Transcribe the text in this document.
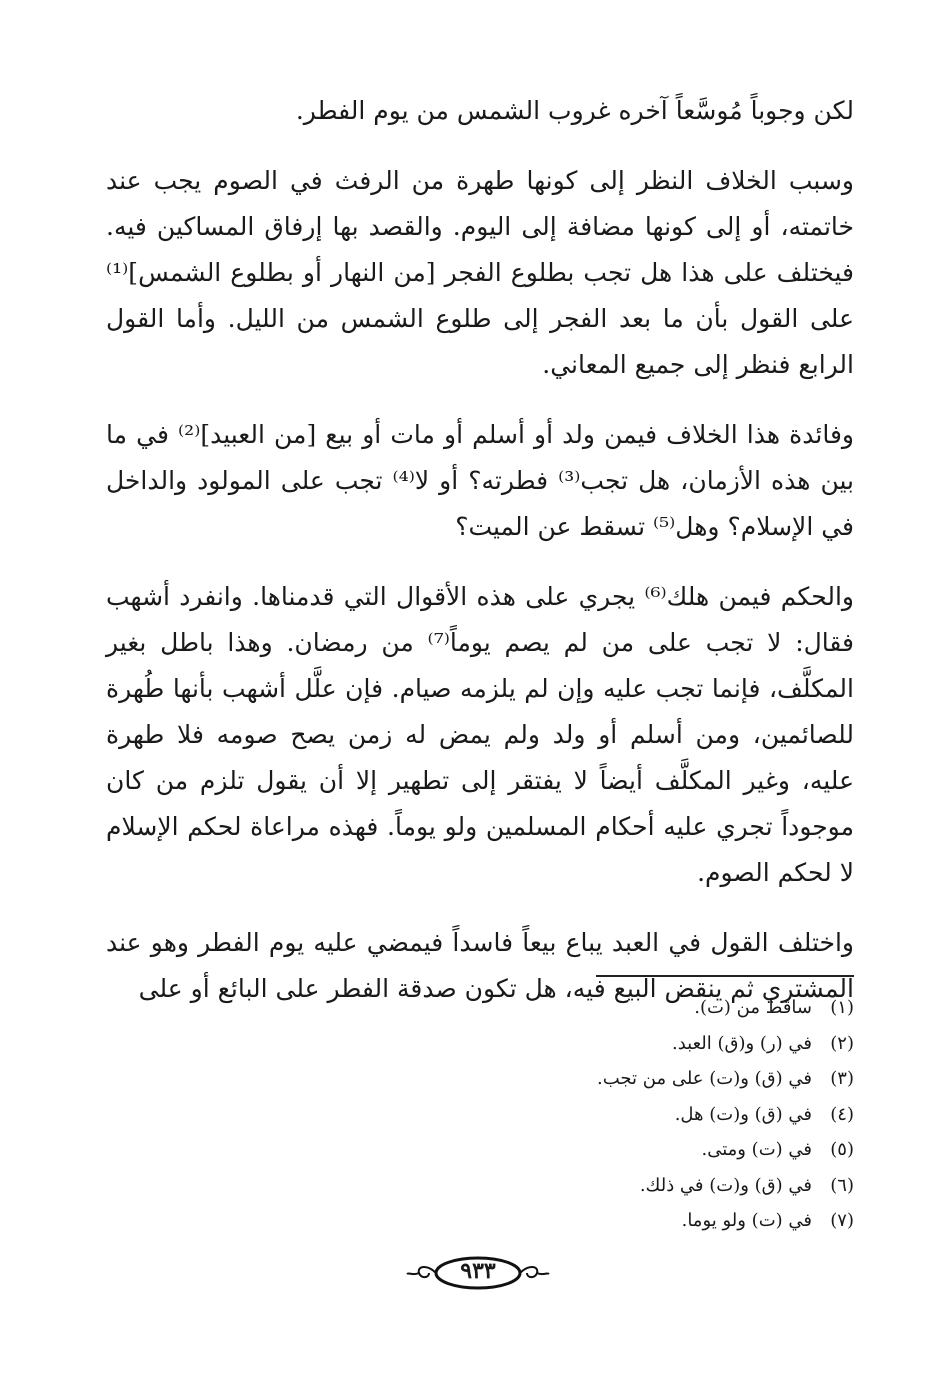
لكن وجوباً مُوسَّعاً آخره غروب الشمس من يوم الفطر.

وسبب الخلاف النظر إلى كونها طهرة من الرفث في الصوم يجب عند خاتمته، أو إلى كونها مضافة إلى اليوم. والقصد بها إرفاق المساكين فيه. فيختلف على هذا هل تجب بطلوع الفجر [من النهار أو بطلوع الشمس]⁽¹⁾ على القول بأن ما بعد الفجر إلى طلوع الشمس من الليل. وأما القول الرابع فنظر إلى جميع المعاني.

وفائدة هذا الخلاف فيمن ولد أو أسلم أو مات أو بيع [من العبيد]⁽²⁾ في ما بين هذه الأزمان، هل تجب⁽³⁾ فطرته؟ أو لا⁽⁴⁾ تجب على المولود والداخل في الإسلام؟ وهل⁽⁵⁾ تسقط عن الميت؟

والحكم فيمن هلك⁽⁶⁾ يجري على هذه الأقوال التي قدمناها. وانفرد أشهب فقال: لا تجب على من لم يصم يوماً⁽⁷⁾ من رمضان. وهذا باطل بغير المكلَّف، فإنما تجب عليه وإن لم يلزمه صيام. فإن علَّل أشهب بأنها طُهرة للصائمين، ومن أسلم أو ولد ولم يمض له زمن يصح صومه فلا طهرة عليه، وغير المكلَّف أيضاً لا يفتقر إلى تطهير إلا أن يقول تلزم من كان موجوداً تجري عليه أحكام المسلمين ولو يوماً. فهذه مراعاة لحكم الإسلام لا لحكم الصوم.

واختلف القول في العبد يباع بيعاً فاسداً فيمضي عليه يوم الفطر وهو عند المشتري ثم ينقض البيع فيه، هل تكون صدقة الفطر على البائع أو على

(١)
ساقط من (ت).
(٢)
في (ر) و(ق) العبد.
(٣)
في (ق) و(ت) على من تجب.
(٤)
في (ق) و(ت) هل.
(٥)
في (ت) ومتى.
(٦)
في (ق) و(ت) في ذلك.
(٧)
في (ت) ولو يوما.
٩٣٣
